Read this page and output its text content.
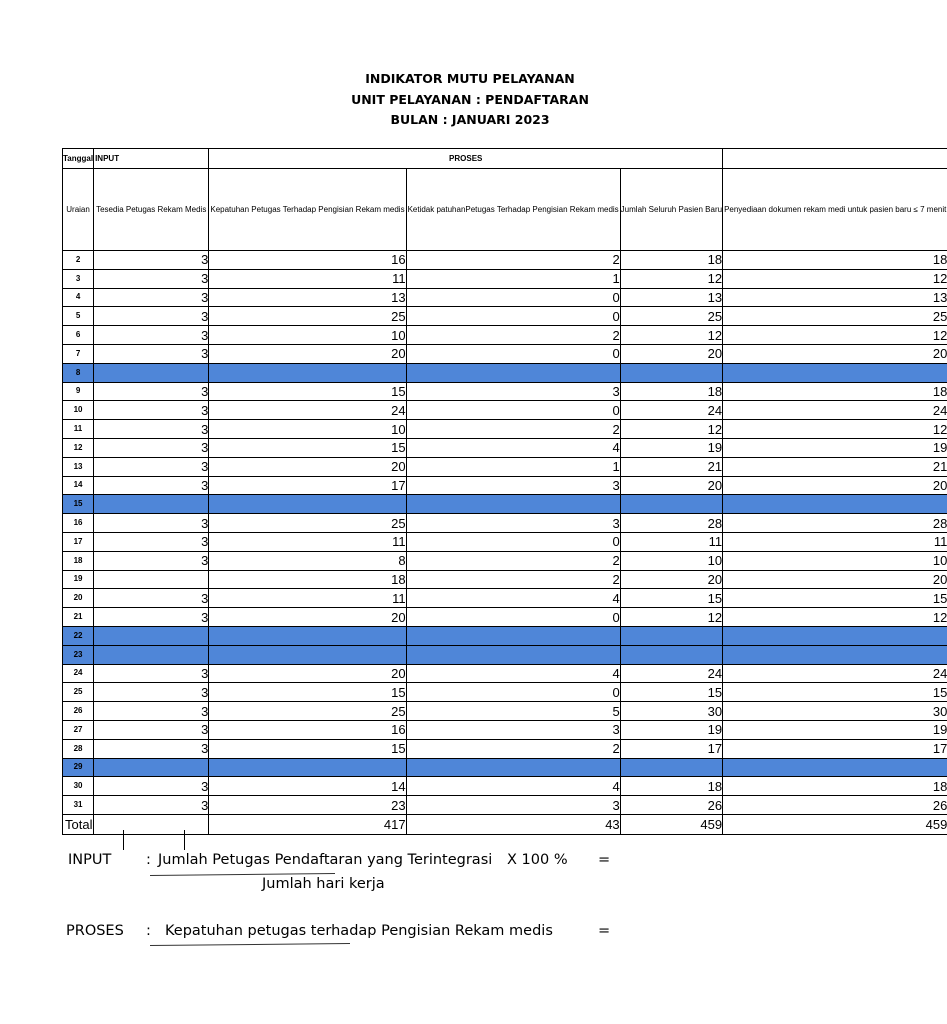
INDIKATOR MUTU PELAYANAN
UNIT PELAYANAN : PENDAFTARAN
BULAN : JANUARI 2023
Tanggal	INPUT	PROSES			
Uraian	Tesedia Petugas Rekam Medis	Kepatuhan Petugas Terhadap Pengisian Rekam medis	Ketidak patuhanPetugas Terhadap Pengisian Rekam medis	Jumlah Seluruh Pasien Baru	Penyediaan dokumen rekam medi untuk pasien baru ≤ 7 menit
2	3	16	2	18	18
3	3	11	1	12	12
4	3	13	0	13	13
5	3	25	0	25	25
6	3	10	2	12	12
7	3	20	0	20	20
8					
9	3	15	3	18	18
10	3	24	0	24	24
11	3	10	2	12	12
12	3	15	4	19	19
13	3	20	1	21	21
14	3	17	3	20	20
15					
16	3	25	3	28	28
17	3	11	0	11	11
18	3	8	2	10	10
19		18	2	20	20
20	3	11	4	15	15
21	3	20	0	12	12
22					
23					
24	3	20	4	24	24
25	3	15	0	15	15
26	3	25	5	30	30
27	3	16	3	19	19
28	3	15	2	17	17
29					
30	3	14	4	18	18
31	3	23	3	26	26
Total		417	43	459	459
INPUT : Jumlah Petugas Pendaftaran yang Terintegrasi X 100 % =
Jumlah hari kerja
PROSES : Kepatuhan petugas terhadap Pengisian Rekam medis	=
